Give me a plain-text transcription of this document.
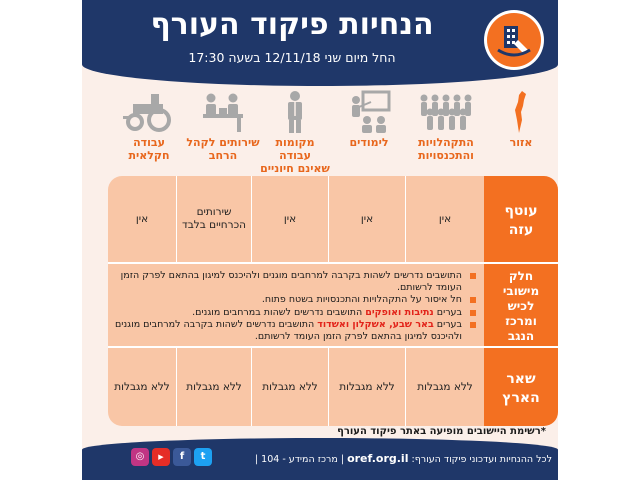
הנחיות פיקוד העורף
החל מיום שני 12/11/18 בשעה 17:30
אזור
התקהלויות
והתכנסויות
לימודים
מקומות עבודה
שאינם חיוניים
שירותים לקהל
הרחב
עבודה
חקלאית
עוטף
עזה
אין
אין
אין
שירותים הכרחיים בלבד
אין
חלק
מישובי
לכיש
ומרכז
הנגב
התושבים נדרשים לשהות בקרבה למרחבים מוגנים ולהיכנס למיגון בהתאם לפרק הזמן העומד לרשותם.
חל איסור על התקהלויות והתכנסויות בשטח פתוח.
בערים נתיבות ואופקים התושבים נדרשים לשהות במרחבים מוגנים.
בערים באר שבע, אשקלון ואשדוד התושבים נדרשים לשהות בקרבה למרחבים מוגנים ולהיכנס למיגון בהתאם לפרק הזמן העומד לרשותם.
שאר
הארץ
ללא מגבלות
ללא מגבלות
ללא מגבלות
ללא מגבלות
ללא מגבלות
*רשימת היישובים מופיעה באתר פיקוד העורף
t
f
▶
◎	לכל ההנחיות ועדכוני פיקוד העורף: oref.org.il | מרכז המידע - 104 |
